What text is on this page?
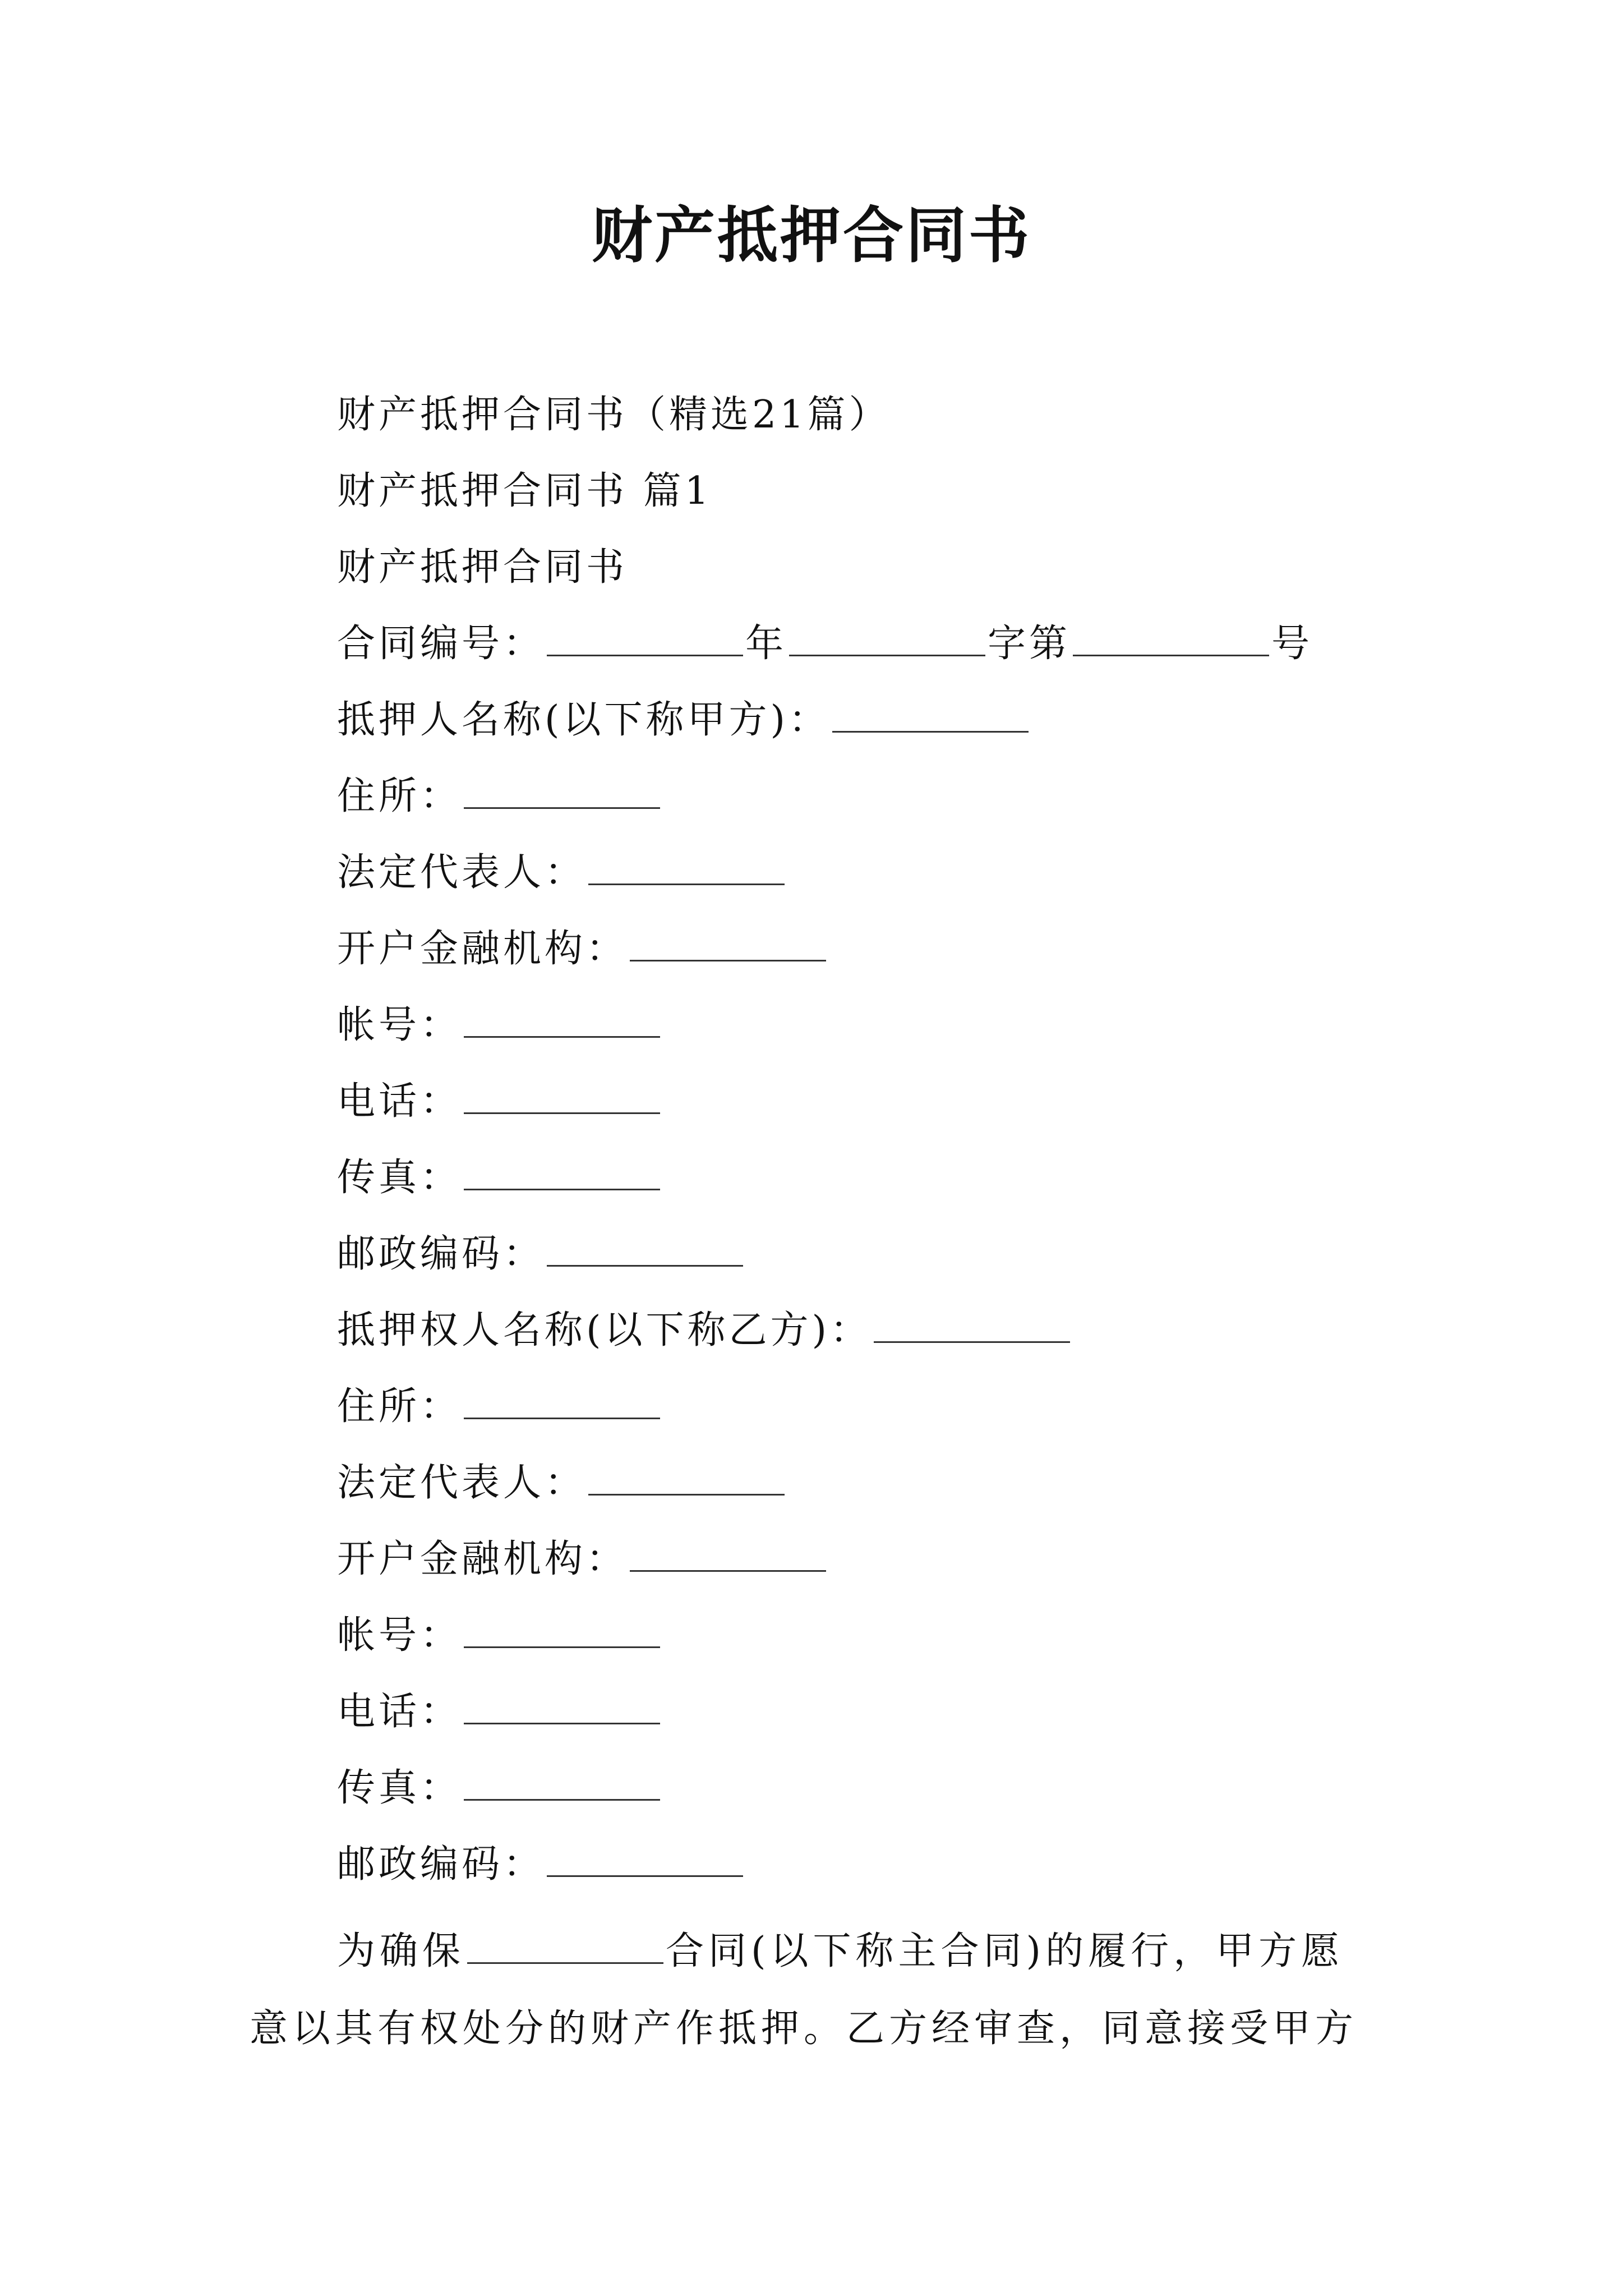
财产抵押合同书
财产抵押合同书（精选21篇）
财产抵押合同书 篇1
财产抵押合同书
合同编号：	年	字第	号
抵押人名称(以下称甲方)：
住所：
法定代表人：
开户金融机构：
帐号：
电话：
传真：
邮政编码：
抵押权人名称(以下称乙方)：
住所：
法定代表人：
开户金融机构：
帐号：
电话：
传真：
邮政编码：
为确保	合同(以下称主合同)的履行，甲方愿意以其有权处分的财产作抵押。乙方经审查，同意接受甲方
